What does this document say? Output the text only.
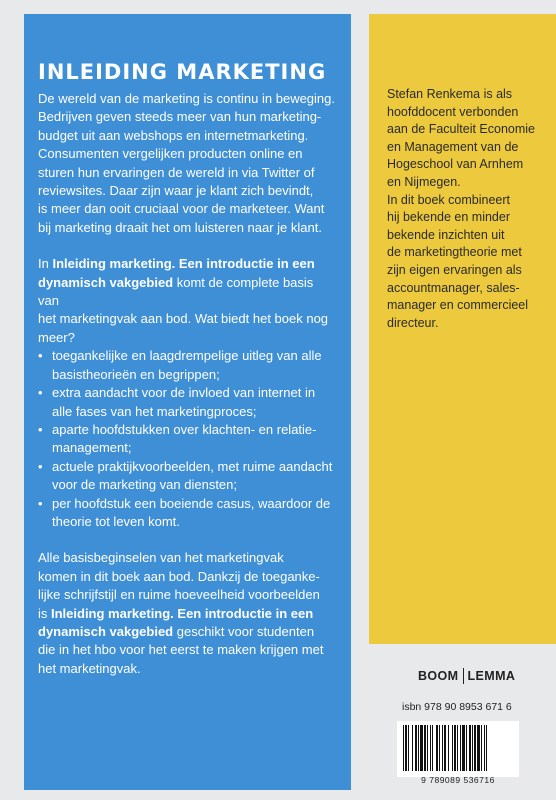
INLEIDING MARKETING
De wereld van de marketing is continu in beweging.
Bedrijven geven steeds meer van hun marketing-
budget uit aan webshops en internetmarketing.
Consumenten vergelijken producten online en
sturen hun ervaringen de wereld in via Twitter of
reviewsites. Daar zijn waar je klant zich bevindt,
is meer dan ooit cruciaal voor de marketeer. Want
bij marketing draait het om luisteren naar je klant.
In Inleiding marketing. Een introductie in een
dynamisch vakgebied komt de complete basis van
het marketingvak aan bod. Wat biedt het boek nog
meer?
• toegankelijke en laagdrempelige uitleg van alle
basistheorieën en begrippen;
• extra aandacht voor de invloed van internet in
alle fases van het marketingproces;
• aparte hoofdstukken over klachten- en relatie-
management;
• actuele praktijkvoorbeelden, met ruime aandacht
voor de marketing van diensten;
• per hoofdstuk een boeiende casus, waardoor de
theorie tot leven komt.
Alle basisbeginselen van het marketingvak
komen in dit boek aan bod. Dankzij de toeganke-
lijke schrijfstijl en ruime hoeveelheid voorbeelden
is Inleiding marketing. Een introductie in een
dynamisch vakgebied geschikt voor studenten
die in het hbo voor het eerst te maken krijgen met
het marketingvak.
Stefan Renkema is als
hoofddocent verbonden
aan de Faculteit Economie
en Management van de
Hogeschool van Arnhem
en Nijmegen.
In dit boek combineert
hij bekende en minder
bekende inzichten uit
de marketingtheorie met
zijn eigen ervaringen als
accountmanager, sales-
manager en commercieel
directeur.
BOOM LEMMA
isbn 978 90 8953 671 6
9 789089 536716
